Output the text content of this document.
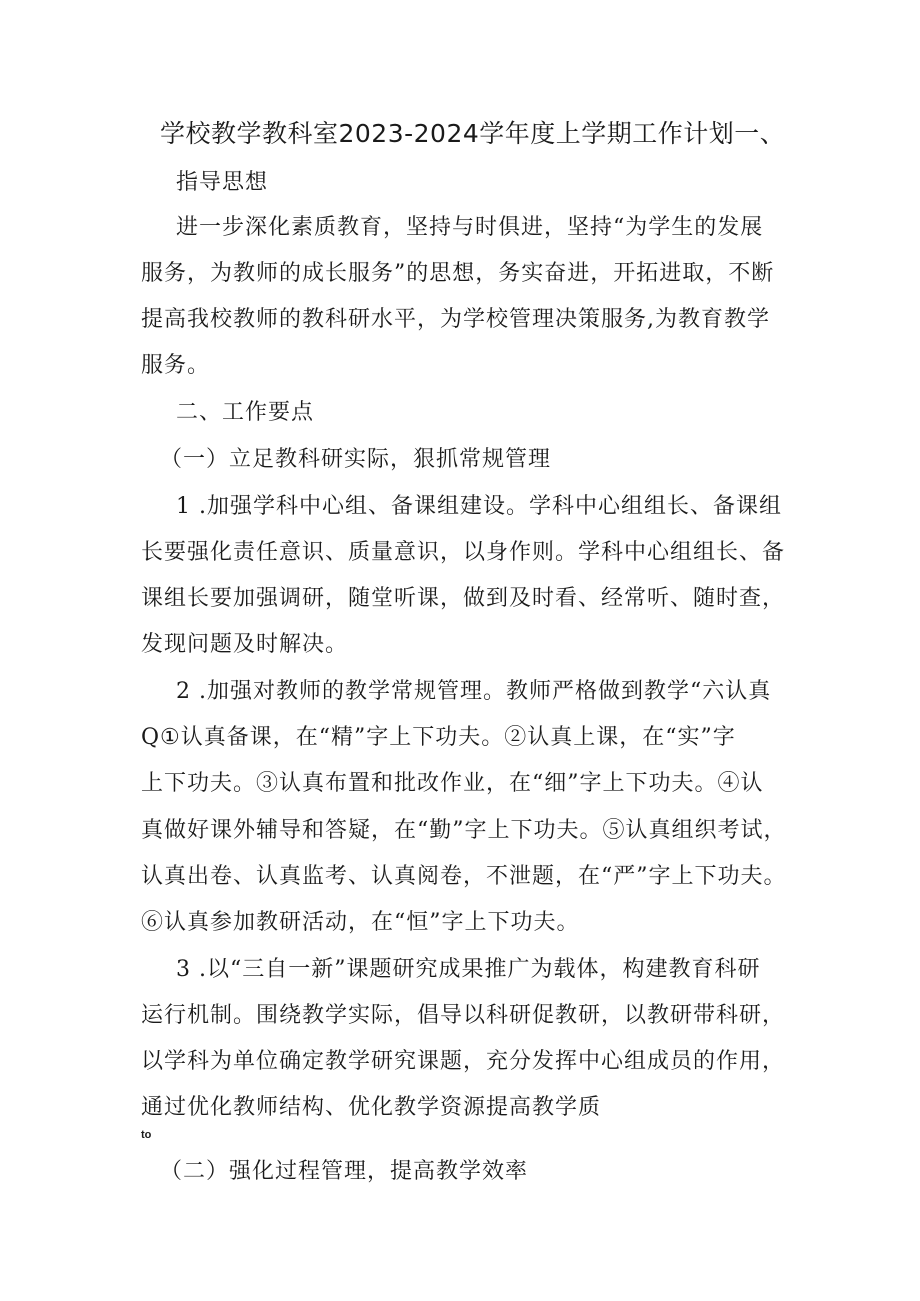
学校教学教科室2023-2024学年度上学期工作计划一、
指导思想
进一步深化素质教育，坚持与时俱进，坚持“为学生的发展
服务，为教师的成长服务”的思想，务实奋进，开拓进取，不断
提高我校教师的教科研水平，为学校管理决策服务,为教育教学
服务。
二、工作要点
（一）立足教科研实际，狠抓常规管理
1 .加强学科中心组、备课组建设。学科中心组组长、备课组
长要强化责任意识、质量意识，以身作则。学科中心组组长、备
课组长要加强调研，随堂听课，做到及时看、经常听、随时查，
发现问题及时解决。
2 .加强对教师的教学常规管理。教师严格做到教学“六认真
Q①认真备课，在“精”字上下功夫。②认真上课，在“实”字
上下功夫。③认真布置和批改作业，在“细”字上下功夫。④认
真做好课外辅导和答疑，在“勤”字上下功夫。⑤认真组织考试，
认真出卷、认真监考、认真阅卷，不泄题，在“严”字上下功夫。
⑥认真参加教研活动，在“恒”字上下功夫。
3 .以“三自一新”课题研究成果推广为载体，构建教育科研
运行机制。围绕教学实际，倡导以科研促教研，以教研带科研，
以学科为单位确定教学研究课题，充分发挥中心组成员的作用，
通过优化教师结构、优化教学资源提高教学质
to
（二）强化过程管理，提高教学效率
